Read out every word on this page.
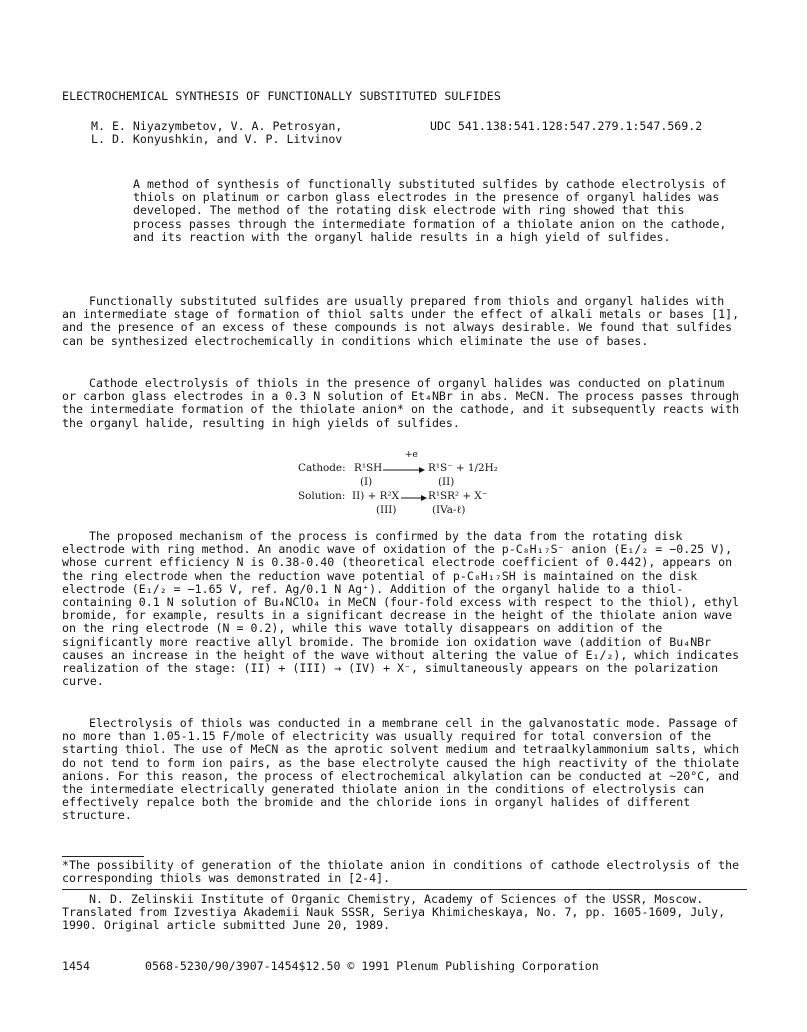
ELECTROCHEMICAL SYNTHESIS OF FUNCTIONALLY SUBSTITUTED SULFIDES
M. E. Niyazymbetov, V. A. Petrosyan,
L. D. Konyushkin, and V. P. Litvinov
UDC 541.138:541.128:547.279.1:547.569.2
A method of synthesis of functionally substituted sulfides by cathode electrolysis of thiols on platinum or carbon glass electrodes in the presence of organyl halides was developed. The method of the rotating disk electrode with ring showed that this process passes through the intermediate formation of a thiolate anion on the cathode, and its reaction with the organyl halide results in a high yield of sulfides.

Functionally substituted sulfides are usually prepared from thiols and organyl halides with an intermediate stage of formation of thiol salts under the effect of alkali metals or bases [1], and the presence of an excess of these compounds is not always desirable. We found that sulfides can be synthesized electrochemically in conditions which eliminate the use of bases.

Cathode electrolysis of thiols in the presence of organyl halides was conducted on platinum or carbon glass electrodes in a 0.3 N solution of Et₄NBr in abs. MeCN. The process passes through the intermediate formation of the thiolate anion* on the cathode, and it subsequently reacts with the organyl halide, resulting in high yields of sulfides.

Cathode: R¹SH
+e
R¹S⁻ + 1/2H₂
(I)	(II)
Solution: II) + R²X → R¹SR² + X⁻
(III)	(IVa-ℓ)

The proposed mechanism of the process is confirmed by the data from the rotating disk electrode with ring method. An anodic wave of oxidation of the p-C₈H₁₇S⁻ anion (E₁/₂ = −0.25 V), whose current efficiency N is 0.38-0.40 (theoretical electrode coefficient of 0.442), appears on the ring electrode when the reduction wave potential of p-C₈H₁₇SH is maintained on the disk electrode (E₁/₂ = −1.65 V, ref. Ag/0.1 N Ag⁺). Addition of the organyl halide to a thiol-containing 0.1 N solution of Bu₄NClO₄ in MeCN (four-fold excess with respect to the thiol), ethyl bromide, for example, results in a significant decrease in the height of the thiolate anion wave on the ring electrode (N = 0.2), while this wave totally disappears on addition of the significantly more reactive allyl bromide. The bromide ion oxidation wave (addition of Bu₄NBr causes an increase in the height of the wave without altering the value of E₁/₂), which indicates realization of the stage: (II) + (III) → (IV) + X⁻, simultaneously appears on the polarization curve.

Electrolysis of thiols was conducted in a membrane cell in the galvanostatic mode. Passage of no more than 1.05-1.15 F/mole of electricity was usually required for total conversion of the starting thiol. The use of MeCN as the aprotic solvent medium and tetraalkylammonium salts, which do not tend to form ion pairs, as the base electrolyte caused the high reactivity of the thiolate anions. For this reason, the process of electrochemical alkylation can be conducted at ~20°C, and the intermediate electrically generated thiolate anion in the conditions of electrolysis can effectively repalce both the bromide and the chloride ions in organyl halides of different structure.

*The possibility of generation of the thiolate anion in conditions of cathode electrolysis of the corresponding thiols was demonstrated in [2-4].
N. D. Zelinskii Institute of Organic Chemistry, Academy of Sciences of the USSR, Moscow. Translated from Izvestiya Akademii Nauk SSSR, Seriya Khimicheskaya, No. 7, pp. 1605-1609, July, 1990. Original article submitted June 20, 1989.
1454	0568-5230/90/3907-1454$12.50 © 1991 Plenum Publishing Corporation
